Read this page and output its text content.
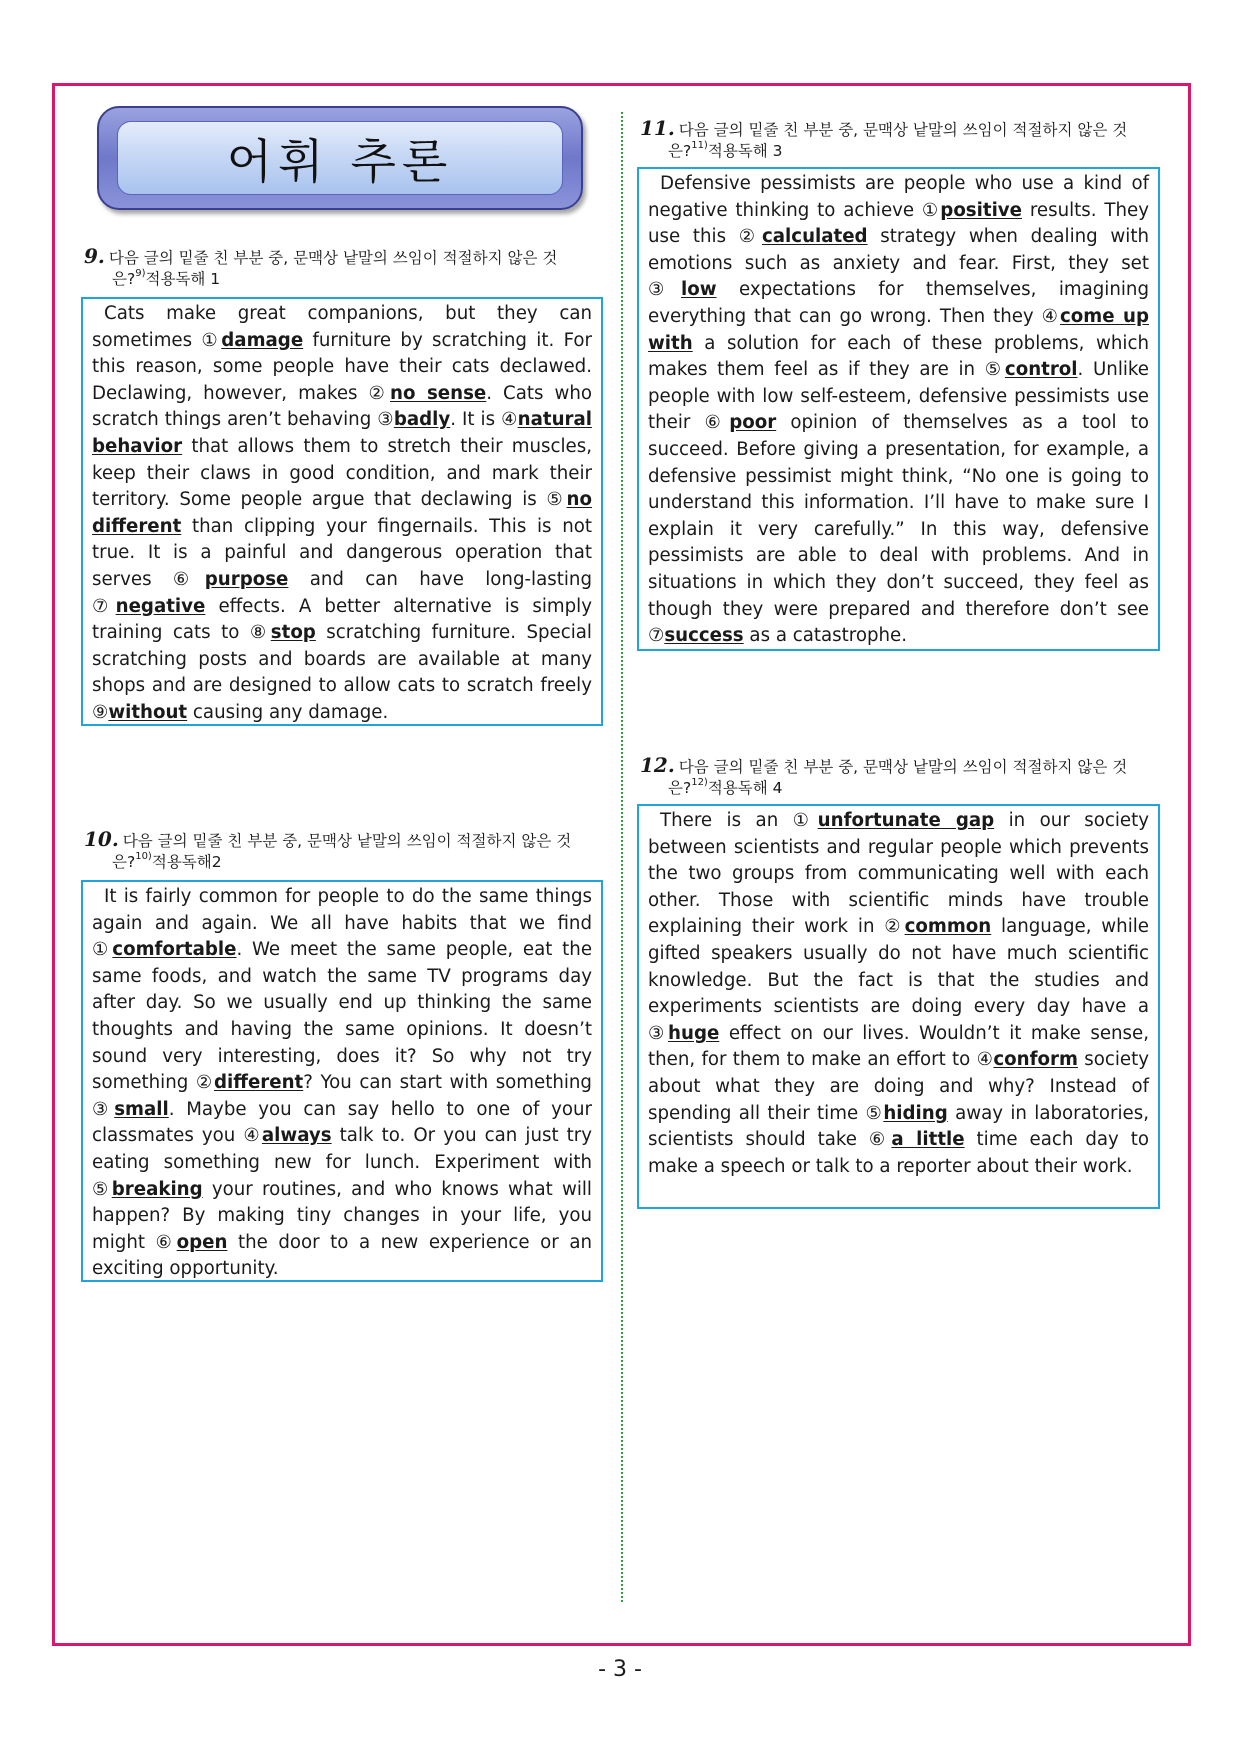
어휘 추론
9. 다음 글의 밑줄 친 부분 중, 문맥상 낱말의 쓰임이 적절하지 않은 것
은?$^{9)}$적용독해 1

Cats make great companions, but they can sometimes ①damage furniture by scratching it. For this reason, some people have their cats declawed. Declawing, however, makes ②no sense. Cats who scratch things aren’t behaving ③badly. It is ④natural behavior that allows them to stretch their muscles, keep their claws in good condition, and mark their territory. Some people argue that declawing is ⑤no different than clipping your fingernails. This is not true. It is a painful and dangerous operation that serves ⑥purpose and can have long-lasting ⑦negative effects. A better alternative is simply training cats to ⑧stop scratching furniture. Special scratching posts and boards are available at many shops and are designed to allow cats to scratch freely ⑨without causing any damage.

10. 다음 글의 밑줄 친 부분 중, 문맥상 낱말의 쓰임이 적절하지 않은 것
은?$^{10)}$적용독해2

It is fairly common for people to do the same things again and again. We all have habits that we find ①comfortable. We meet the same people, eat the same foods, and watch the same TV programs day after day. So we usually end up thinking the same thoughts and having the same opinions. It doesn’t sound very interesting, does it? So why not try something ②different? You can start with something ③small. Maybe you can say hello to one of your classmates you ④always talk to. Or you can just try eating something new for lunch. Experiment with ⑤breaking your routines, and who knows what will happen? By making tiny changes in your life, you might ⑥open the door to a new experience or an exciting opportunity.

11. 다음 글의 밑줄 친 부분 중, 문맥상 낱말의 쓰임이 적절하지 않은 것
은?$^{11)}$적용독해 3

Defensive pessimists are people who use a kind of negative thinking to achieve ①positive results. They use this ②calculated strategy when dealing with emotions such as anxiety and fear. First, they set ③low expectations for themselves, imagining everything that can go wrong. Then they ④come up with a solution for each of these problems, which makes them feel as if they are in ⑤control. Unlike people with low self-esteem, defensive pessimists use their ⑥poor opinion of themselves as a tool to succeed. Before giving a presentation, for example, a defensive pessimist might think, “No one is going to understand this information. I’ll have to make sure I explain it very carefully.” In this way, defensive pessimists are able to deal with problems. And in situations in which they don’t succeed, they feel as though they were prepared and therefore don’t see ⑦success as a catastrophe.

12. 다음 글의 밑줄 친 부분 중, 문맥상 낱말의 쓰임이 적절하지 않은 것
은?$^{12)}$적용독해 4

There is an ①unfortunate gap in our society between scientists and regular people which prevents the two groups from communicating well with each other. Those with scientific minds have trouble explaining their work in ②common language, while gifted speakers usually do not have much scientific knowledge. But the fact is that the studies and experiments scientists are doing every day have a ③huge effect on our lives. Wouldn’t it make sense, then, for them to make an effort to ④conform society about what they are doing and why? Instead of spending all their time ⑤hiding away in laboratories, scientists should take ⑥a little time each day to make a speech or talk to a reporter about their work.

- 3 -
